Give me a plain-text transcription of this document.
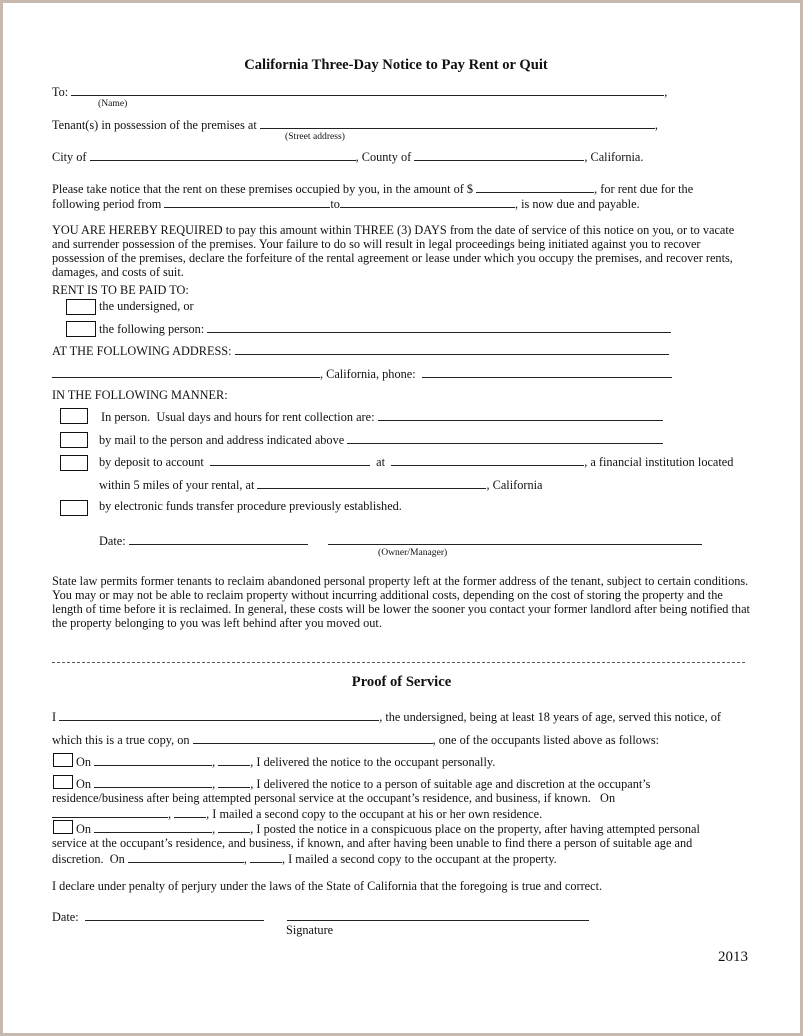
California Three-Day Notice to Pay Rent or Quit
To:	,
(Name)
Tenant(s) in possession of the premises at	,
(Street address)
City of	, County of	, California.
Please take notice that the rent on these premises occupied by you, in the amount of $	, for rent due for the
following period from	to	, is now due and payable.
YOU ARE HEREBY REQUIRED to pay this amount within THREE (3) DAYS from the date of service of this notice on you, or to vacate and surrender possession of the premises. Your failure to do so will result in legal proceedings being initiated against you to recover possession of the premises, declare the forfeiture of the rental agreement or lease under which you occupy the premises, and recover rents, damages, and costs of suit.
RENT IS TO BE PAID TO:
the undersigned, or
the following person:
AT THE FOLLOWING ADDRESS:
, California, phone:
IN THE FOLLOWING MANNER:
In person.  Usual days and hours for rent collection are:
by mail to the person and address indicated above
by deposit to account	at	, a financial institution located
within 5 miles of your rental, at	, California
by electronic funds transfer procedure previously established.
Date:
(Owner/Manager)
State law permits former tenants to reclaim abandoned personal property left at the former address of the tenant, subject to certain conditions. You may or may not be able to reclaim property without incurring additional costs, depending on the cost of storing the property and the length of time before it is reclaimed. In general, these costs will be lower the sooner you contact your former landlord after being notified that the property belonging to you was left behind after you moved out.
Proof of Service
I	, the undersigned, being at least 18 years of age, served this notice, of
which this is a true copy, on	, one of the occupants listed above as follows:
On	,	, I delivered the notice to the occupant personally.
On	,	, I delivered the notice to a person of suitable age and discretion at the occupant’s
residence/business after being attempted personal service at the occupant’s residence, and business, if known.   On
,	, I mailed a second copy to the occupant at his or her own residence.
On	,	, I posted the notice in a conspicuous place on the property, after having attempted personal
service at the occupant’s residence, and business, if known, and after having been unable to find there a person of suitable age and
discretion.  On	,	, I mailed a second copy to the occupant at the property.
I declare under penalty of perjury under the laws of the State of California that the foregoing is true and correct.
Date:
Signature
2013
